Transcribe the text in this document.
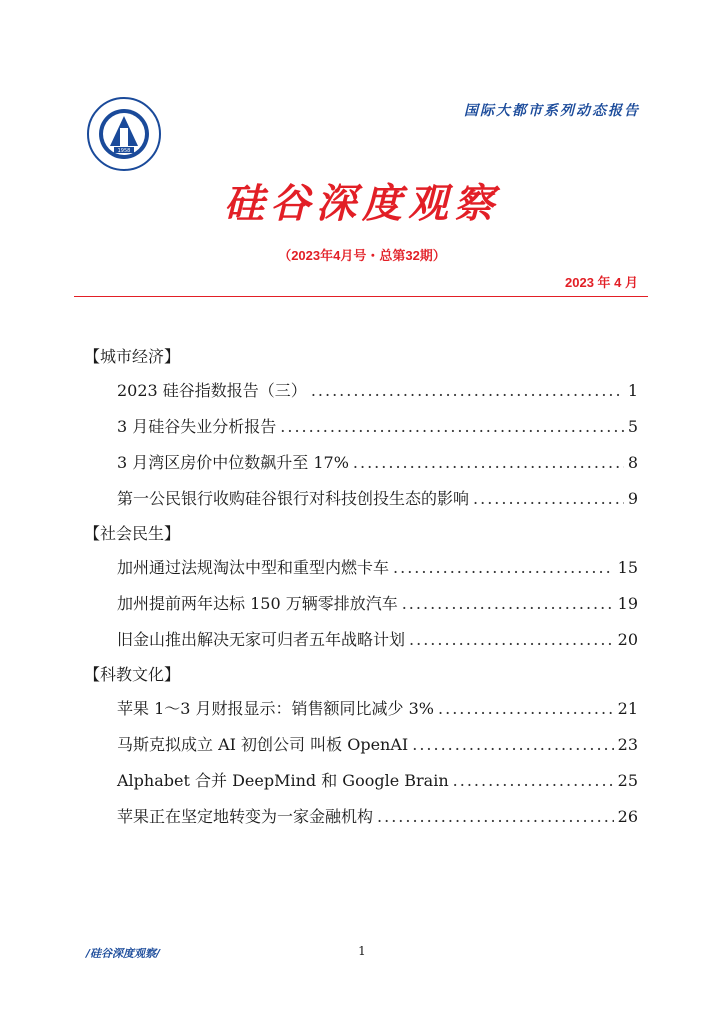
1958
国际大都市系列动态报告
硅谷深度观察
（2023年4月号・总第32期）
2023 年 4 月
【城市经济】
2023 硅谷指数报告（三） .....	1
3 月硅谷失业分析报告 .....	5
3 月湾区房价中位数飙升至 17% .....	8
第一公民银行收购硅谷银行对科技创投生态的影响 .....	9
【社会民生】
加州通过法规淘汰中型和重型内燃卡车 .....	15
加州提前两年达标 150 万辆零排放汽车 .....	19
旧金山推出解决无家可归者五年战略计划 .....	20
【科教文化】
苹果 1～3 月财报显示：销售额同比减少 3% .....	21
马斯克拟成立 AI 初创公司 叫板 OpenAI .....	23
Alphabet 合并 DeepMind 和 Google Brain .....	25
苹果正在坚定地转变为一家金融机构 .....	26
/硅谷深度观察/	1
